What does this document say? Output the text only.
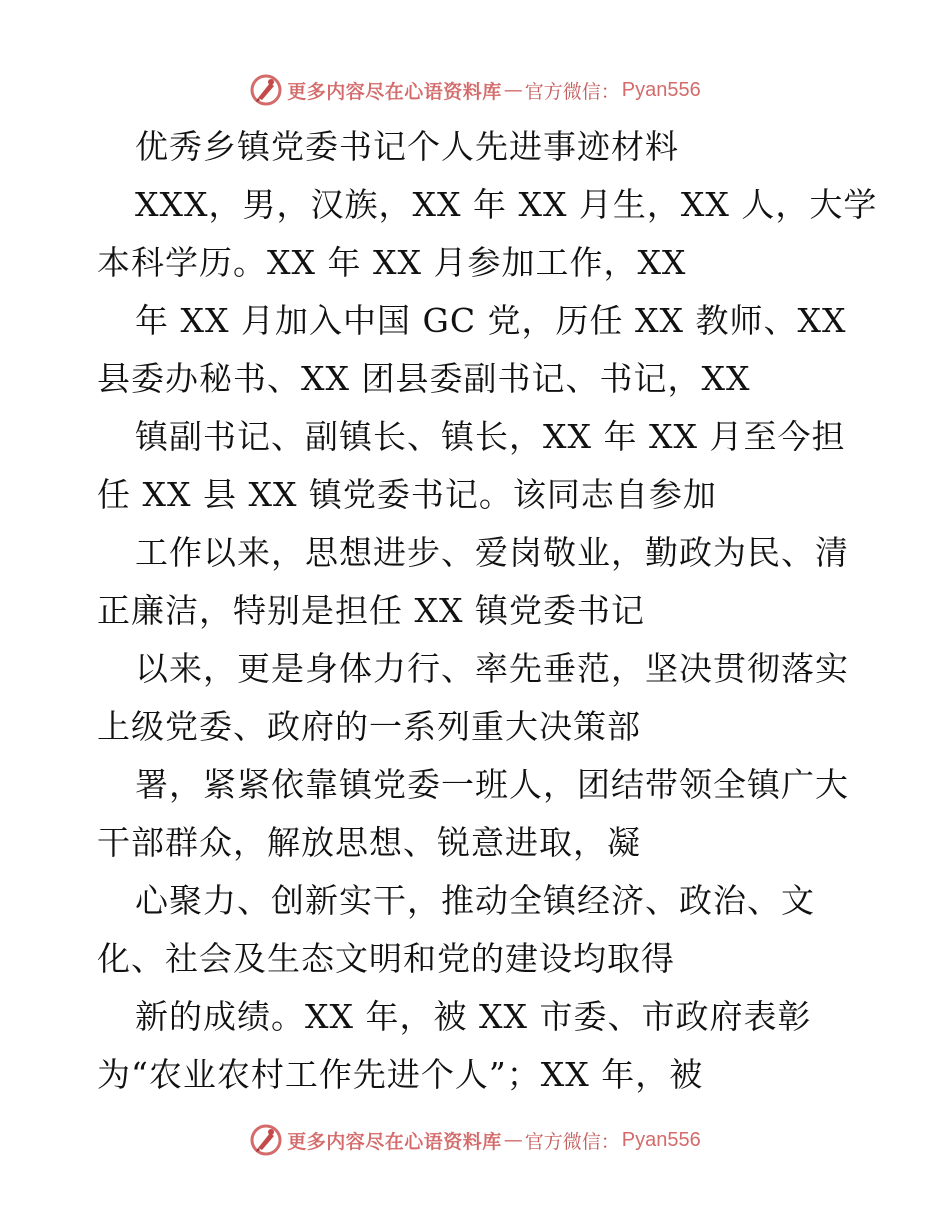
更多内容尽在心语资料库 — 官方微信： Pyan556
优秀乡镇党委书记个人先进事迹材料
XXX，男，汉族，XX 年 XX 月生，XX 人，大学
本科学历。XX 年 XX 月参加工作，XX
年 XX 月加入中国 GC 党，历任 XX 教师、XX
县委办秘书、XX 团县委副书记、书记，XX
镇副书记、副镇长、镇长，XX 年 XX 月至今担
任 XX 县 XX 镇党委书记。该同志自参加
工作以来，思想进步、爱岗敬业，勤政为民、清
正廉洁，特别是担任 XX 镇党委书记
以来，更是身体力行、率先垂范，坚决贯彻落实
上级党委、政府的一系列重大决策部
署，紧紧依靠镇党委一班人，团结带领全镇广大
干部群众，解放思想、锐意进取，凝
心聚力、创新实干，推动全镇经济、政治、文
化、社会及生态文明和党的建设均取得
新的成绩。XX 年，被 XX 市委、市政府表彰
为“农业农村工作先进个人”；XX 年，被
更多内容尽在心语资料库 — 官方微信： Pyan556
